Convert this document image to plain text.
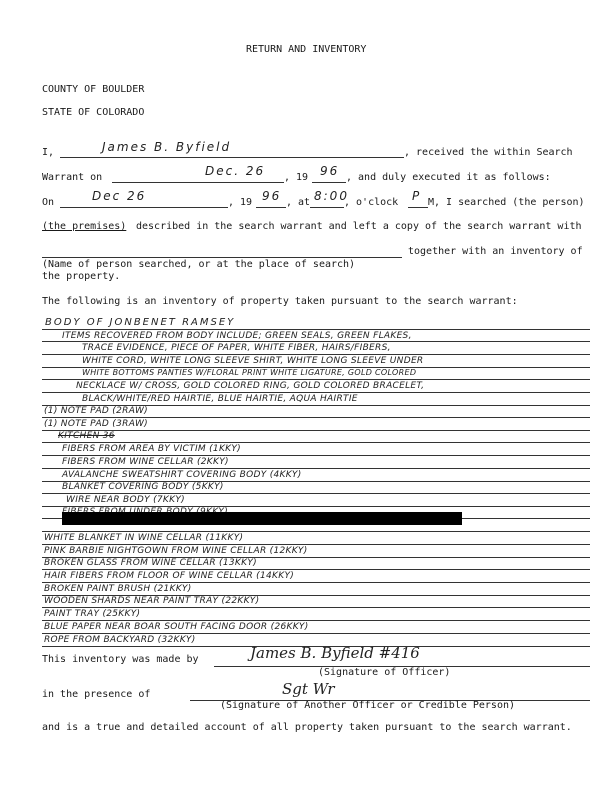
RETURN AND INVENTORY
COUNTY OF BOULDER
STATE OF COLORADO
I,	James B. Byfield	, received the within Search
Warrant on	Dec. 26 , 19 96 , and duly executed it as follows:
On	Dec 26	, 19 96 , at 8:00
, o'clock P M, I searched (the person)
(the premises) described in the search warrant and left a copy of the search warrant with
together with an inventory of
(Name of person searched, or at the place of search)
the property.
The following is an inventory of property taken pursuant to the search warrant:
BODY OF JONBENET RAMSEY
ITEMS RECOVERED FROM BODY INCLUDE; GREEN SEALS, GREEN FLAKES,
TRACE EVIDENCE, PIECE OF PAPER, WHITE FIBER, HAIRS/FIBERS,
WHITE CORD, WHITE LONG SLEEVE SHIRT, WHITE LONG SLEEVE UNDER
WHITE BOTTOMS PANTIES W/FLORAL PRINT WHITE LIGATURE, GOLD COLORED
NECKLACE W/ CROSS, GOLD COLORED RING, GOLD COLORED BRACELET,
BLACK/WHITE/RED HAIRTIE, BLUE HAIRTIE, AQUA HAIRTIE
(1) NOTE PAD (2RAW)
(1) NOTE PAD (3RAW)
KITCHEN 36
FIBERS FROM AREA BY VICTIM (1KKY)
FIBERS FROM WINE CELLAR (2KKY)
AVALANCHE SWEATSHIRT COVERING BODY (4KKY)
BLANKET COVERING BODY (5KKY)
WIRE NEAR BODY (7KKY)
WHITE BLANKET IN WINE CELLAR (11KKY)
PINK BARBIE NIGHTGOWN FROM WINE CELLAR (12KKY)
BROKEN GLASS FROM WINE CELLAR (13KKY)
HAIR FIBERS FROM FLOOR OF WINE CELLAR (14KKY)
BROKEN PAINT BRUSH (21KKY)
WOODEN SHARDS NEAR PAINT TRAY (22KKY)
PAINT TRAY (25KKY)
BLUE PAPER NEAR BOAR SOUTH FACING DOOR (26KKY)
ROPE FROM BACKYARD (32KKY)
This inventory was made by	James B. Byfield #416
(Signature of Officer)
in the presence of	Sgt Wr
(Signature of Another Officer or Credible Person)
and is a true and detailed account of all property taken pursuant to the search warrant.
